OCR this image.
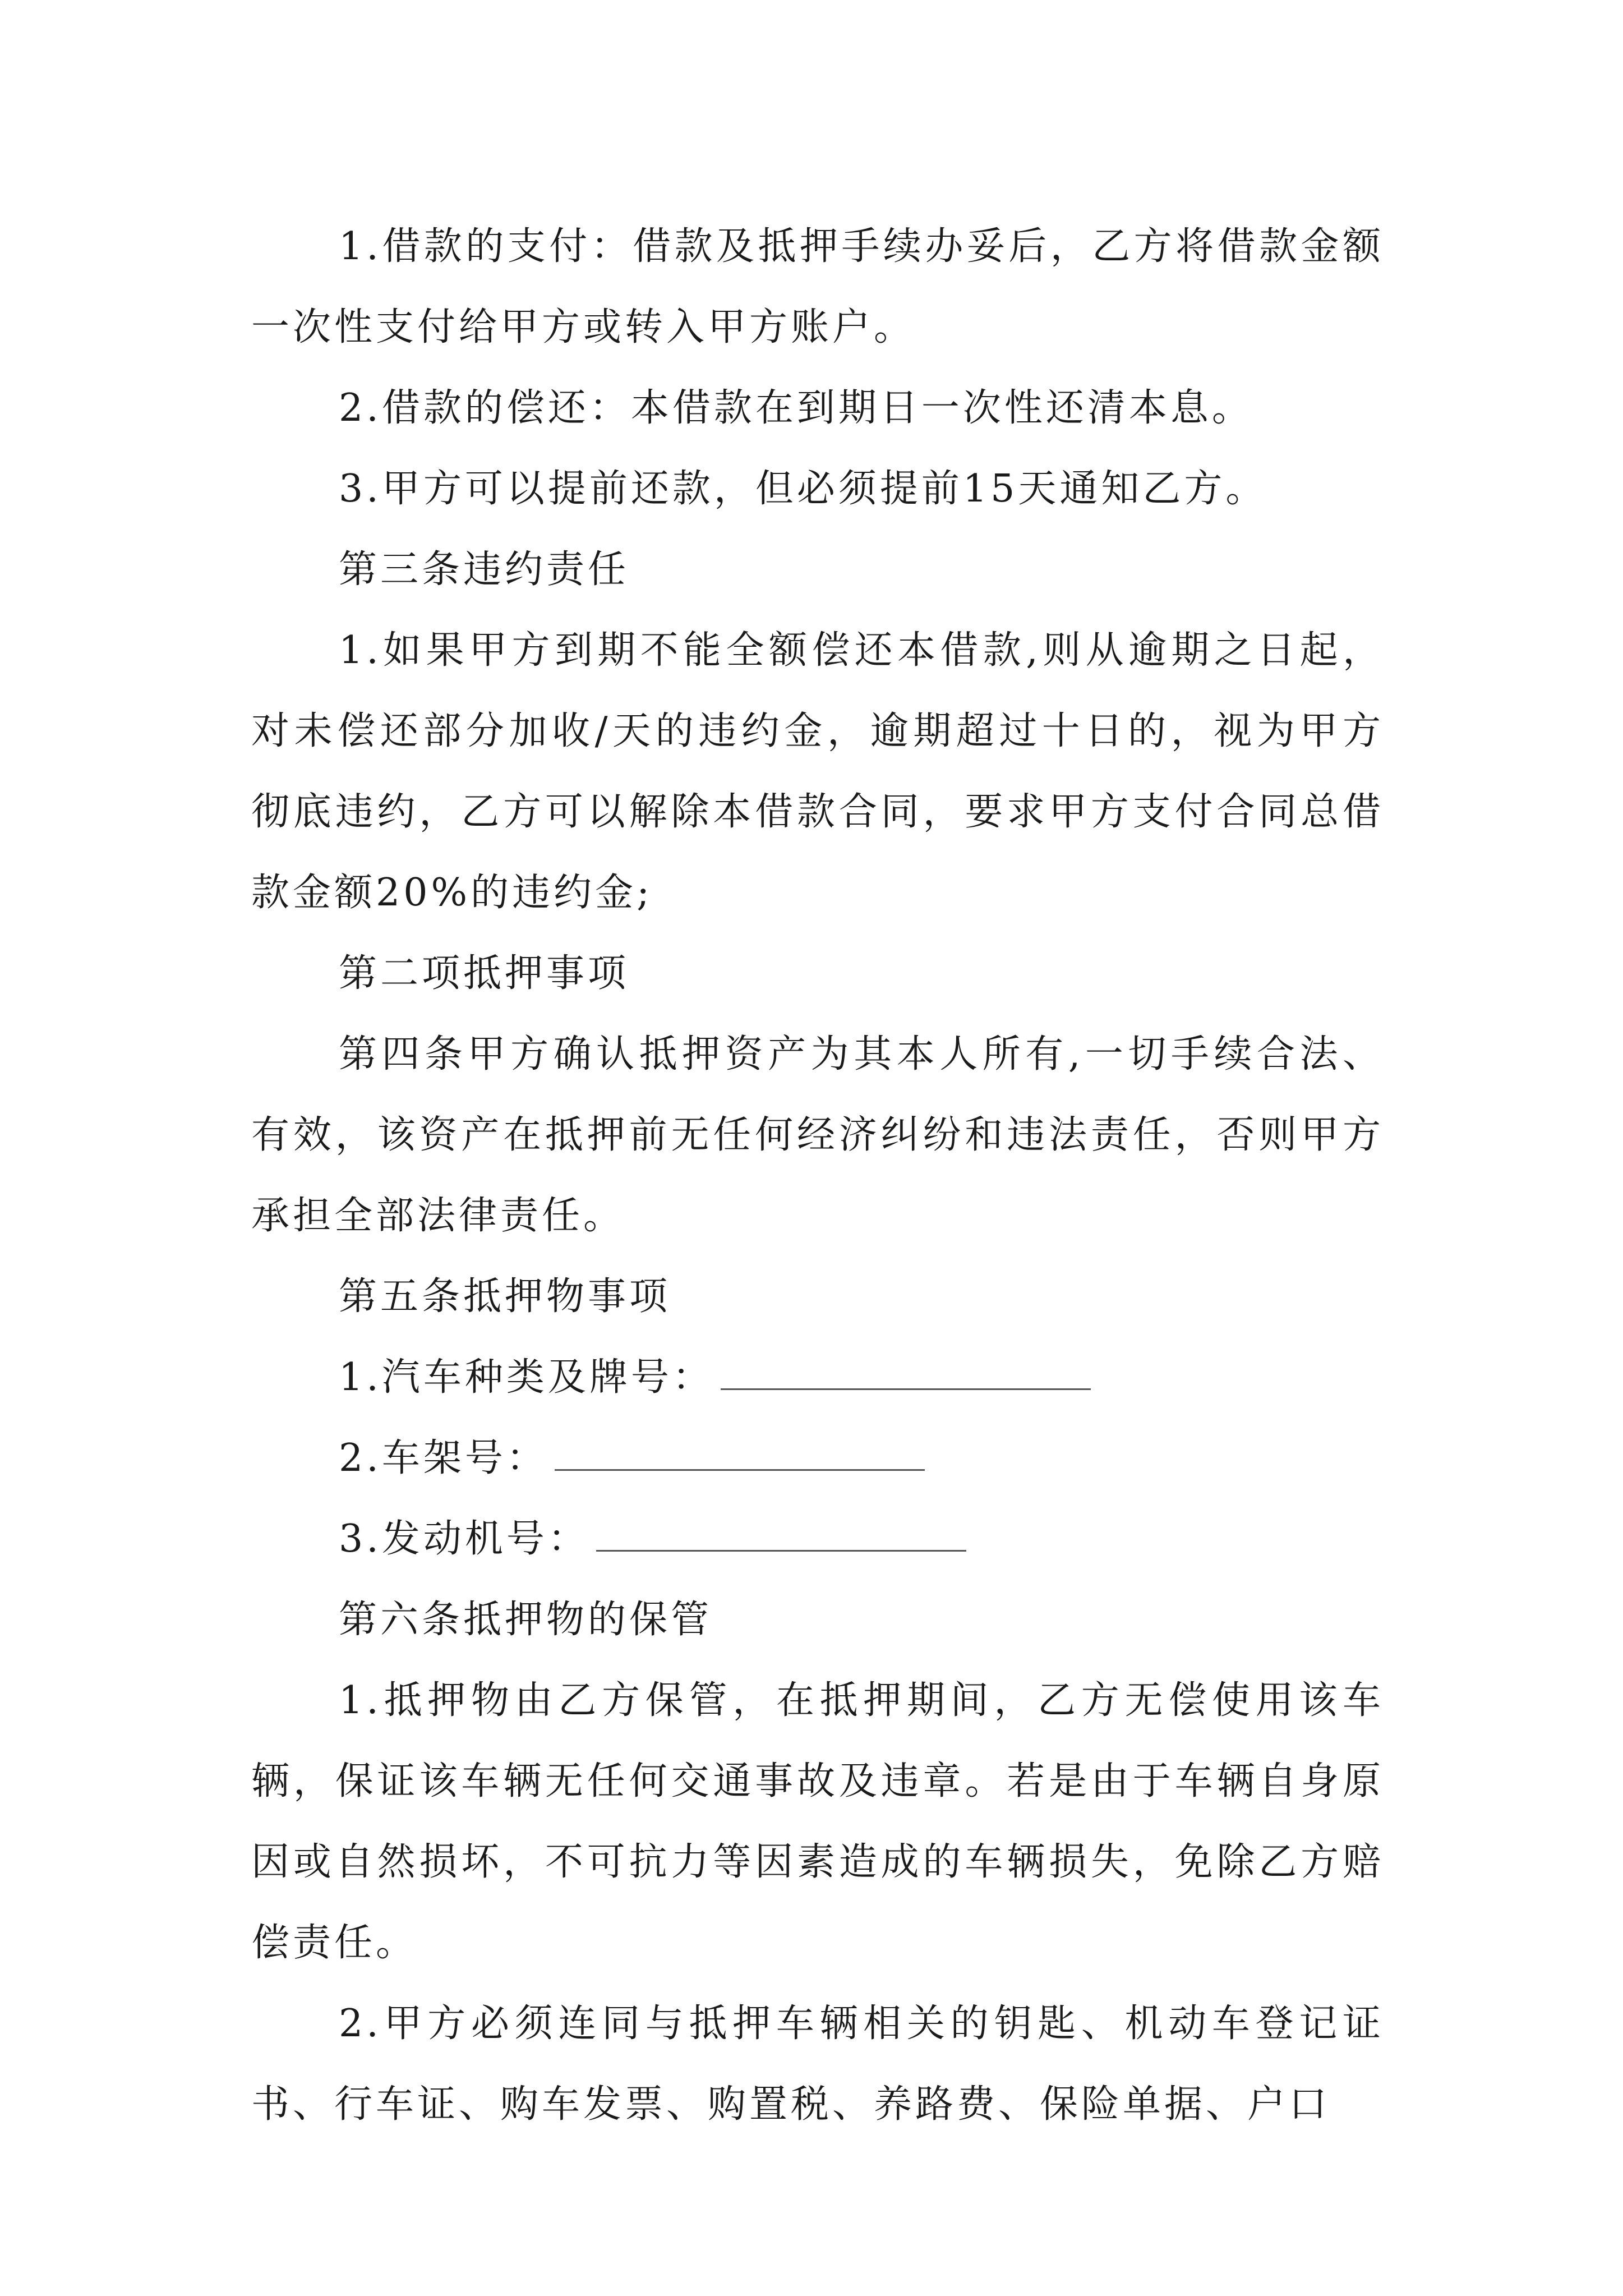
1.借款的支付：借款及抵押手续办妥后，乙方将借款金额一次性支付给甲方或转入甲方账户。

2.借款的偿还：本借款在到期日一次性还清本息。

3.甲方可以提前还款，但必须提前15天通知乙方。

第三条违约责任

1.如果甲方到期不能全额偿还本借款,则从逾期之日起，对未偿还部分加收/天的违约金，逾期超过十日的，视为甲方彻底违约，乙方可以解除本借款合同，要求甲方支付合同总借款金额20%的违约金;

第二项抵押事项

第四条甲方确认抵押资产为其本人所有,一切手续合法、有效，该资产在抵押前无任何经济纠纷和违法责任，否则甲方承担全部法律责任。

第五条抵押物事项

1.汽车种类及牌号：

2.车架号：

3.发动机号：

第六条抵押物的保管

1.抵押物由乙方保管，在抵押期间，乙方无偿使用该车辆，保证该车辆无任何交通事故及违章。若是由于车辆自身原因或自然损坏，不可抗力等因素造成的车辆损失，免除乙方赔偿责任。

2.甲方必须连同与抵押车辆相关的钥匙、机动车登记证书、行车证、购车发票、购置税、养路费、保险单据、户口
